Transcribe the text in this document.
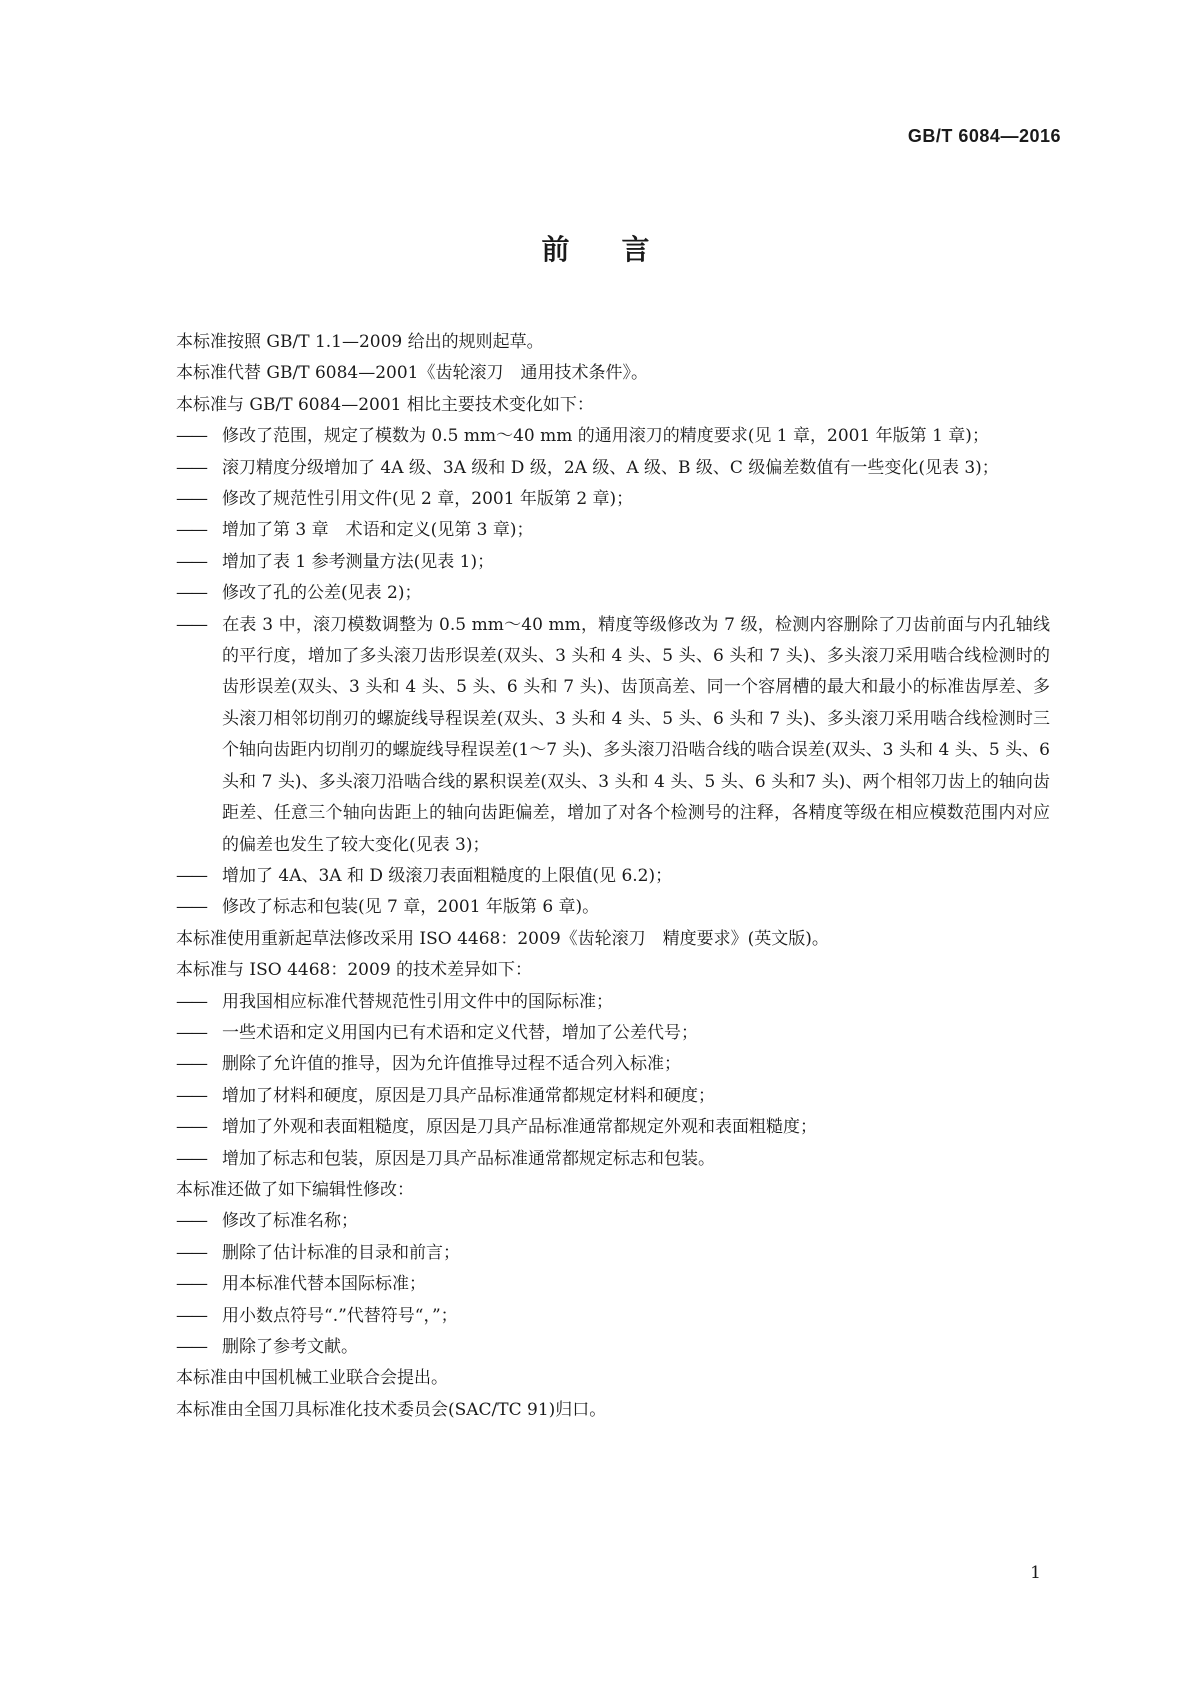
GB/T 6084—2016
前言

本标准按照 GB/T 1.1—2009 给出的规则起草。

本标准代替 GB/T 6084—2001《齿轮滚刀　通用技术条件》。

本标准与 GB/T 6084—2001 相比主要技术变化如下：

—— 修改了范围，规定了模数为 0.5 mm～40 mm 的通用滚刀的精度要求(见 1 章，2001 年版第 1 章)；

—— 滚刀精度分级增加了 4A 级、3A 级和 D 级，2A 级、A 级、B 级、C 级偏差数值有一些变化(见表 3)；

—— 修改了规范性引用文件(见 2 章，2001 年版第 2 章)；

—— 增加了第 3 章　术语和定义(见第 3 章)；

—— 增加了表 1 参考测量方法(见表 1)；

—— 修改了孔的公差(见表 2)；

—— 在表 3 中，滚刀模数调整为 0.5 mm～40 mm，精度等级修改为 7 级，检测内容删除了刀齿前面与内孔轴线的平行度，增加了多头滚刀齿形误差(双头、3 头和 4 头、5 头、6 头和 7 头)、多头滚刀采用啮合线检测时的齿形误差(双头、3 头和 4 头、5 头、6 头和 7 头)、齿顶高差、同一个容屑槽的最大和最小的标准齿厚差、多头滚刀相邻切削刃的螺旋线导程误差(双头、3 头和 4 头、5 头、6 头和 7 头)、多头滚刀采用啮合线检测时三个轴向齿距内切削刃的螺旋线导程误差(1～7 头)、多头滚刀沿啮合线的啮合误差(双头、3 头和 4 头、5 头、6 头和 7 头)、多头滚刀沿啮合线的累积误差(双头、3 头和 4 头、5 头、6 头和7 头)、两个相邻刀齿上的轴向齿距差、任意三个轴向齿距上的轴向齿距偏差，增加了对各个检测号的注释，各精度等级在相应模数范围内对应的偏差也发生了较大变化(见表 3)；

—— 增加了 4A、3A 和 D 级滚刀表面粗糙度的上限值(见 6.2)；

—— 修改了标志和包装(见 7 章，2001 年版第 6 章)。

本标准使用重新起草法修改采用 ISO 4468：2009《齿轮滚刀　精度要求》(英文版)。

本标准与 ISO 4468：2009 的技术差异如下：

—— 用我国相应标准代替规范性引用文件中的国际标准；

—— 一些术语和定义用国内已有术语和定义代替，增加了公差代号；

—— 删除了允许值的推导，因为允许值推导过程不适合列入标准；

—— 增加了材料和硬度，原因是刀具产品标准通常都规定材料和硬度；

—— 增加了外观和表面粗糙度，原因是刀具产品标准通常都规定外观和表面粗糙度；

—— 增加了标志和包装，原因是刀具产品标准通常都规定标志和包装。

本标准还做了如下编辑性修改：

—— 修改了标准名称；

—— 删除了估计标准的目录和前言；

—— 用本标准代替本国际标准；

—— 用小数点符号“.”代替符号“，”；

—— 删除了参考文献。

本标准由中国机械工业联合会提出。

本标准由全国刀具标准化技术委员会(SAC/TC 91)归口。

1
